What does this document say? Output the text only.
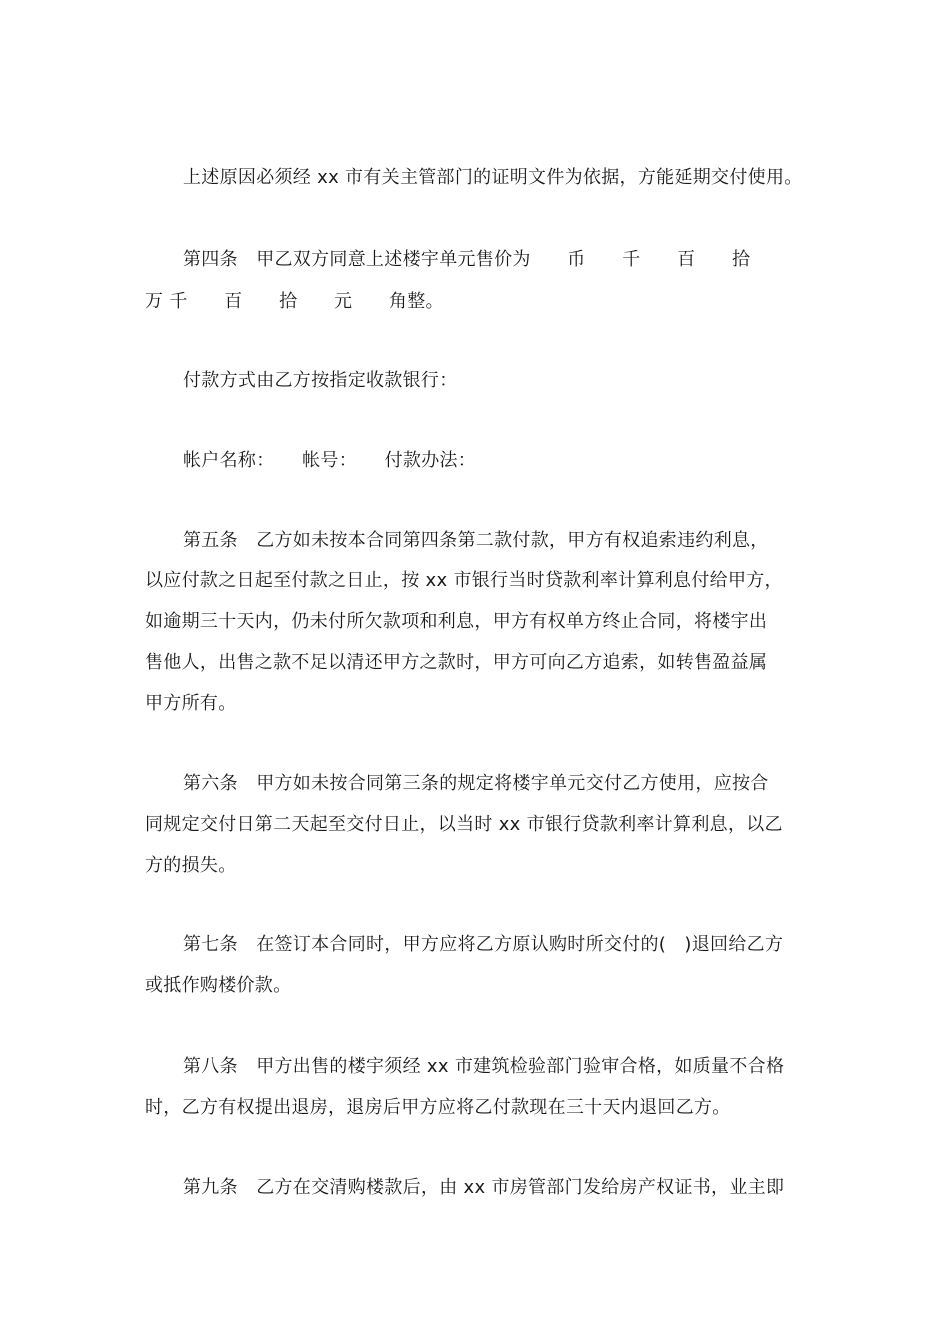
上述原因必须经 xx 市有关主管部门的证明文件为依据，方能延期交付使用。
第四条　甲乙双方同意上述楼宇单元售价为　　币　　千　　百　　拾
万 千　　百　　拾　　元　　角整。
付款方式由乙方按指定收款银行：
帐户名称：　　帐号：　　付款办法：
第五条　乙方如未按本合同第四条第二款付款，甲方有权追索违约利息，
以应付款之日起至付款之日止，按 xx 市银行当时贷款利率计算利息付给甲方，
如逾期三十天内，仍未付所欠款项和利息，甲方有权单方终止合同，将楼宇出
售他人，出售之款不足以清还甲方之款时，甲方可向乙方追索，如转售盈益属
甲方所有。
第六条　甲方如未按合同第三条的规定将楼宇单元交付乙方使用，应按合
同规定交付日第二天起至交付日止，以当时 xx 市银行贷款利率计算利息，以乙
方的损失。
第七条　在签订本合同时，甲方应将乙方原认购时所交付的(　)退回给乙方
或抵作购楼价款。
第八条　甲方出售的楼宇须经 xx 市建筑检验部门验审合格，如质量不合格
时，乙方有权提出退房，退房后甲方应将乙付款现在三十天内退回乙方。
第九条　乙方在交清购楼款后，由 xx 市房管部门发给房产权证书，业主即
